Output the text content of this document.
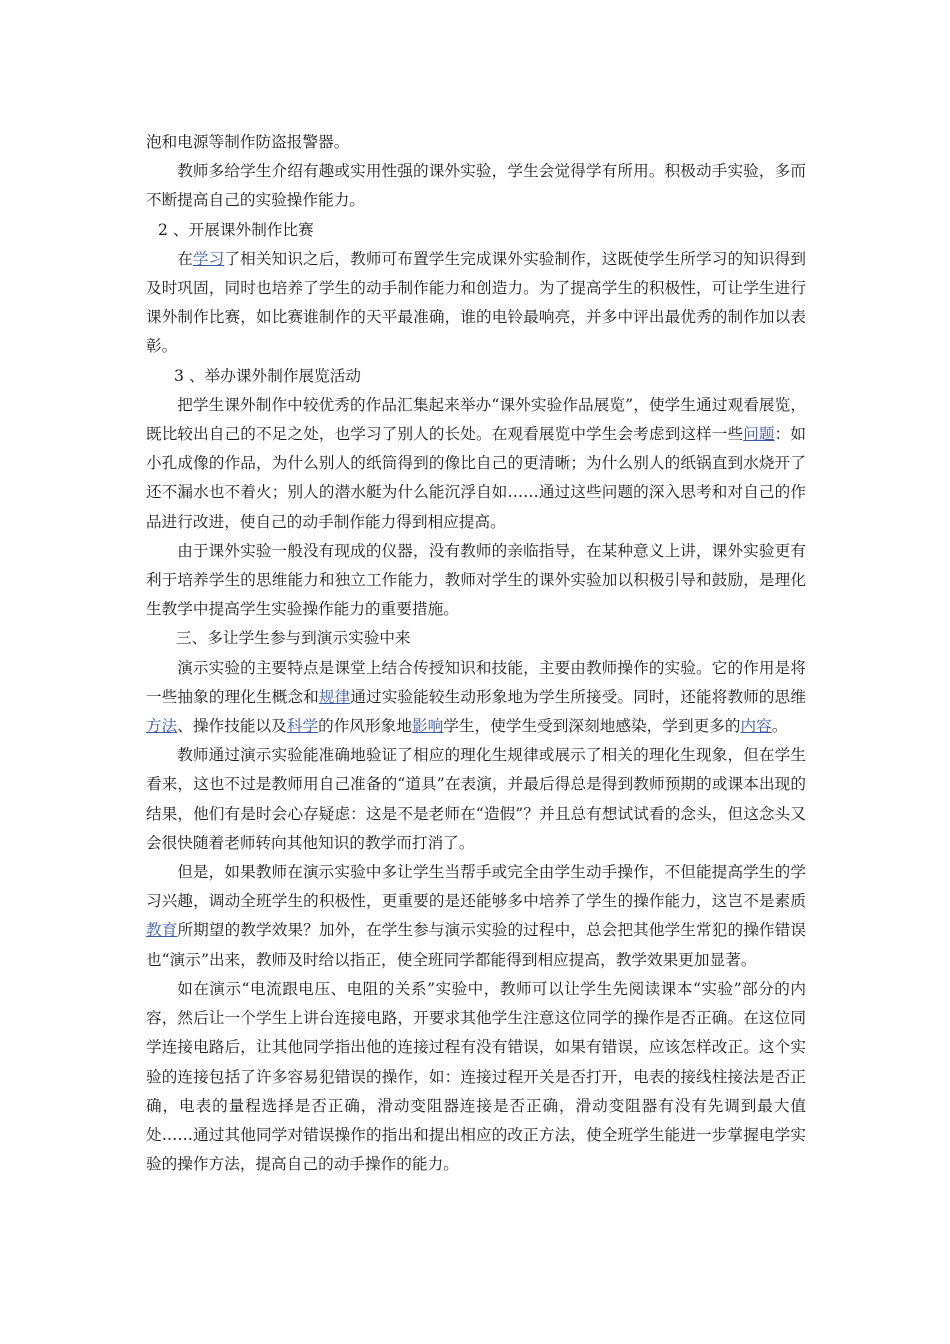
泡和电源等制作防盗报警器。

教师多给学生介绍有趣或实用性强的课外实验，学生会觉得学有所用。积极动手实验，多而不断提高自己的实验操作能力。

2 、开展课外制作比赛

在学习了相关知识之后，教师可布置学生完成课外实验制作，这既使学生所学习的知识得到及时巩固，同时也培养了学生的动手制作能力和创造力。为了提高学生的积极性，可让学生进行课外制作比赛，如比赛谁制作的天平最准确，谁的电铃最响亮，并多中评出最优秀的制作加以表彰。

3 、举办课外制作展览活动

把学生课外制作中较优秀的作品汇集起来举办“课外实验作品展览”，使学生通过观看展览，既比较出自己的不足之处，也学习了别人的长处。在观看展览中学生会考虑到这样一些问题：如小孔成像的作品，为什么别人的纸筒得到的像比自己的更清晰；为什么别人的纸锅直到水烧开了还不漏水也不着火；别人的潜水艇为什么能沉浮自如……通过这些问题的深入思考和对自己的作品进行改进，使自己的动手制作能力得到相应提高。

由于课外实验一般没有现成的仪器，没有教师的亲临指导，在某种意义上讲，课外实验更有利于培养学生的思维能力和独立工作能力，教师对学生的课外实验加以积极引导和鼓励，是理化生教学中提高学生实验操作能力的重要措施。

三、多让学生参与到演示实验中来

演示实验的主要特点是课堂上结合传授知识和技能，主要由教师操作的实验。它的作用是将一些抽象的理化生概念和规律通过实验能较生动形象地为学生所接受。同时，还能将教师的思维方法、操作技能以及科学的作风形象地影响学生，使学生受到深刻地感染，学到更多的内容。

教师通过演示实验能准确地验证了相应的理化生规律或展示了相关的理化生现象，但在学生看来，这也不过是教师用自己准备的“道具”在表演，并最后得总是得到教师预期的或课本出现的结果，他们有是时会心存疑虑：这是不是老师在“造假”？并且总有想试试看的念头，但这念头又会很快随着老师转向其他知识的教学而打消了。

但是，如果教师在演示实验中多让学生当帮手或完全由学生动手操作，不但能提高学生的学习兴趣，调动全班学生的积极性，更重要的是还能够多中培养了学生的操作能力，这岂不是素质教育所期望的教学效果？加外，在学生参与演示实验的过程中，总会把其他学生常犯的操作错误也“演示”出来，教师及时给以指正，使全班同学都能得到相应提高，教学效果更加显著。

如在演示“电流跟电压、电阻的关系”实验中，教师可以让学生先阅读课本“实验”部分的内容，然后让一个学生上讲台连接电路，开要求其他学生注意这位同学的操作是否正确。在这位同学连接电路后，让其他同学指出他的连接过程有没有错误，如果有错误，应该怎样改正。这个实验的连接包括了许多容易犯错误的操作，如：连接过程开关是否打开，电表的接线柱接法是否正确，电表的量程选择是否正确，滑动变阻器连接是否正确，滑动变阻器有没有先调到最大值处……通过其他同学对错误操作的指出和提出相应的改正方法，使全班学生能进一步掌握电学实验的操作方法，提高自己的动手操作的能力。
